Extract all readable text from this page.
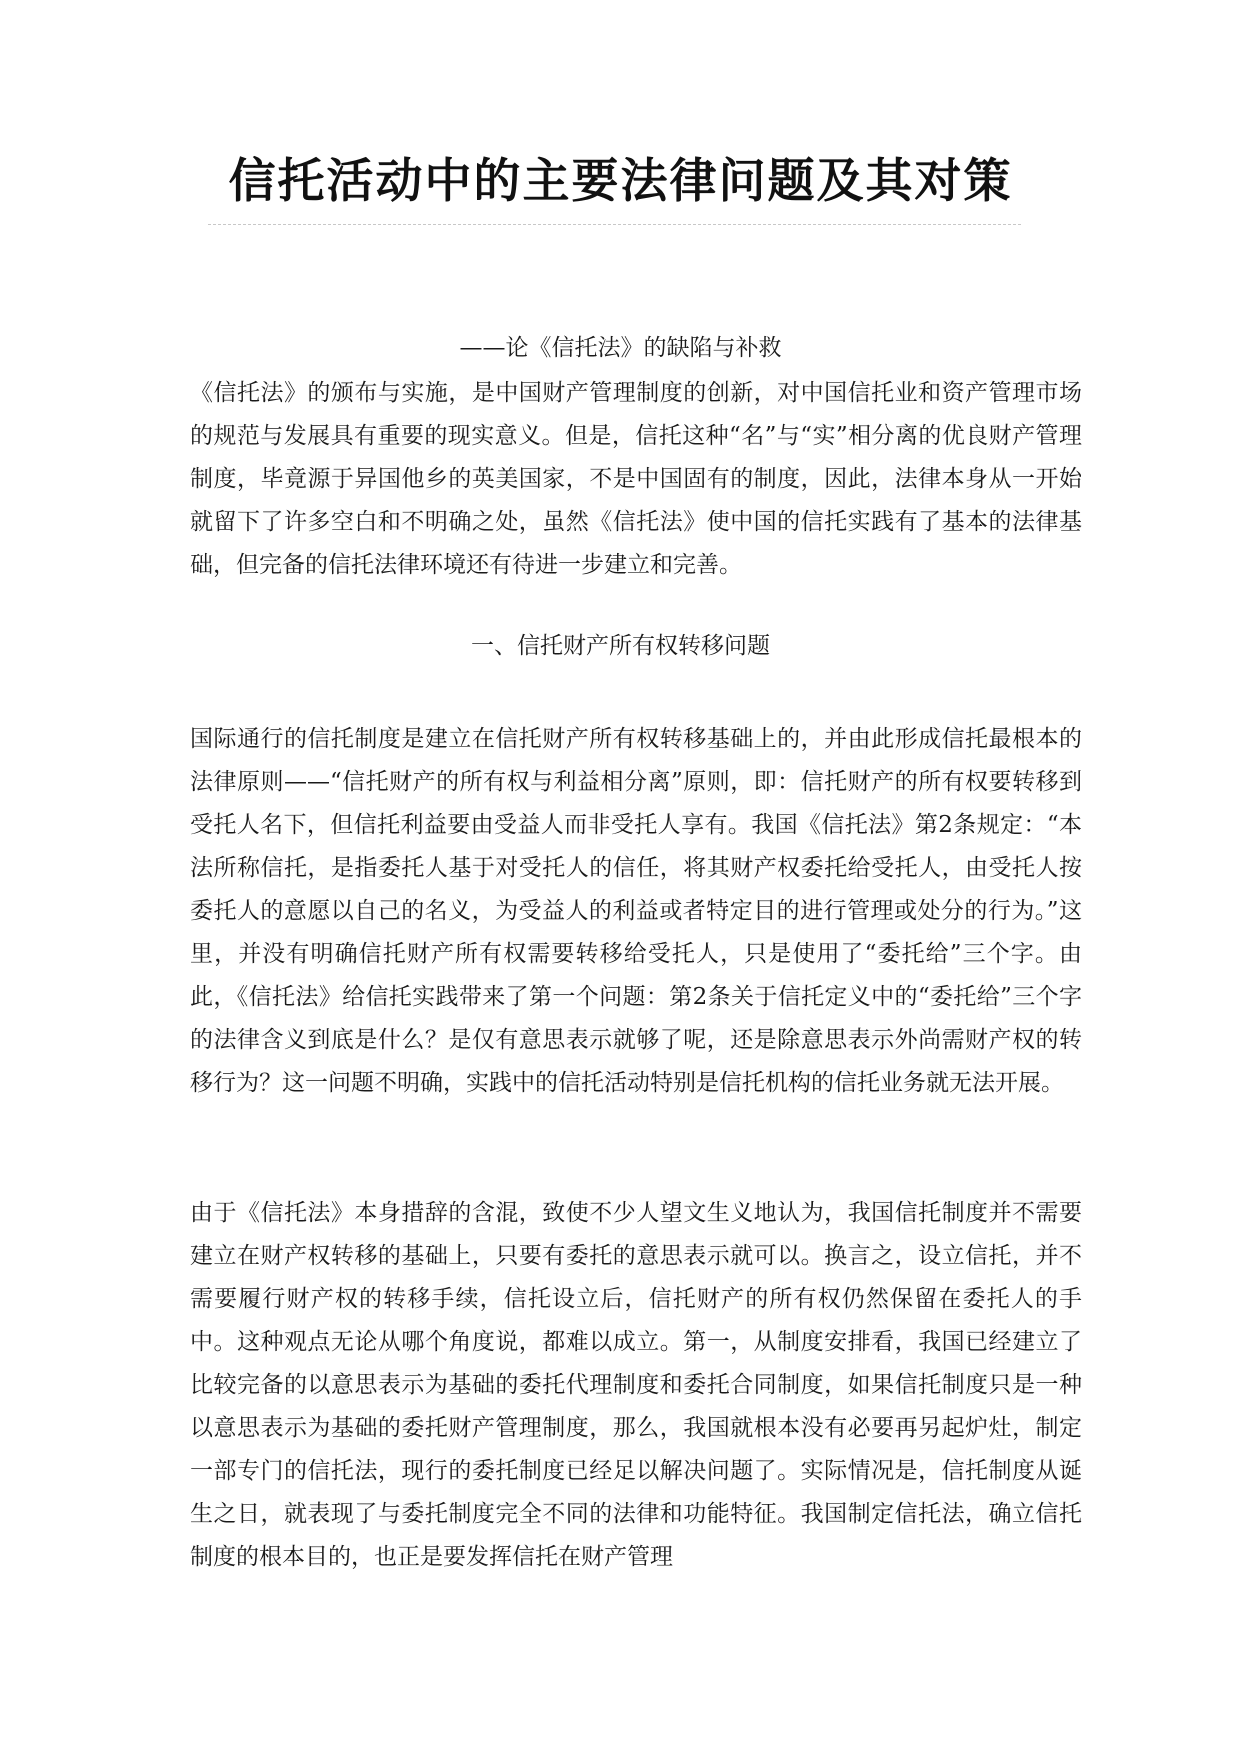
信托活动中的主要法律问题及其对策
——论《信托法》的缺陷与补救

《信托法》的颁布与实施，是中国财产管理制度的创新，对中国信托业和资产管理市场的规范与发展具有重要的现实意义。但是，信托这种“名”与“实”相分离的优良财产管理制度，毕竟源于异国他乡的英美国家，不是中国固有的制度，因此，法律本身从一开始就留下了许多空白和不明确之处，虽然《信托法》使中国的信托实践有了基本的法律基础，但完备的信托法律环境还有待进一步建立和完善。

一、信托财产所有权转移问题

国际通行的信托制度是建立在信托财产所有权转移基础上的，并由此形成信托最根本的法律原则——“信托财产的所有权与利益相分离”原则，即：信托财产的所有权要转移到受托人名下，但信托利益要由受益人而非受托人享有。我国《信托法》第2条规定：“本法所称信托，是指委托人基于对受托人的信任，将其财产权委托给受托人，由受托人按委托人的意愿以自己的名义，为受益人的利益或者特定目的进行管理或处分的行为。”这里，并没有明确信托财产所有权需要转移给受托人，只是使用了“委托给”三个字。由此，《信托法》给信托实践带来了第一个问题：第2条关于信托定义中的“委托给”三个字的法律含义到底是什么？是仅有意思表示就够了呢，还是除意思表示外尚需财产权的转移行为？这一问题不明确，实践中的信托活动特别是信托机构的信托业务就无法开展。

由于《信托法》本身措辞的含混，致使不少人望文生义地认为，我国信托制度并不需要建立在财产权转移的基础上，只要有委托的意思表示就可以。换言之，设立信托，并不需要履行财产权的转移手续，信托设立后，信托财产的所有权仍然保留在委托人的手中。这种观点无论从哪个角度说，都难以成立。第一，从制度安排看，我国已经建立了比较完备的以意思表示为基础的委托代理制度和委托合同制度，如果信托制度只是一种以意思表示为基础的委托财产管理制度，那么，我国就根本没有必要再另起炉灶，制定一部专门的信托法，现行的委托制度已经足以解决问题了。实际情况是，信托制度从诞生之日，就表现了与委托制度完全不同的法律和功能特征。我国制定信托法，确立信托制度的根本目的，也正是要发挥信托在财产管理
